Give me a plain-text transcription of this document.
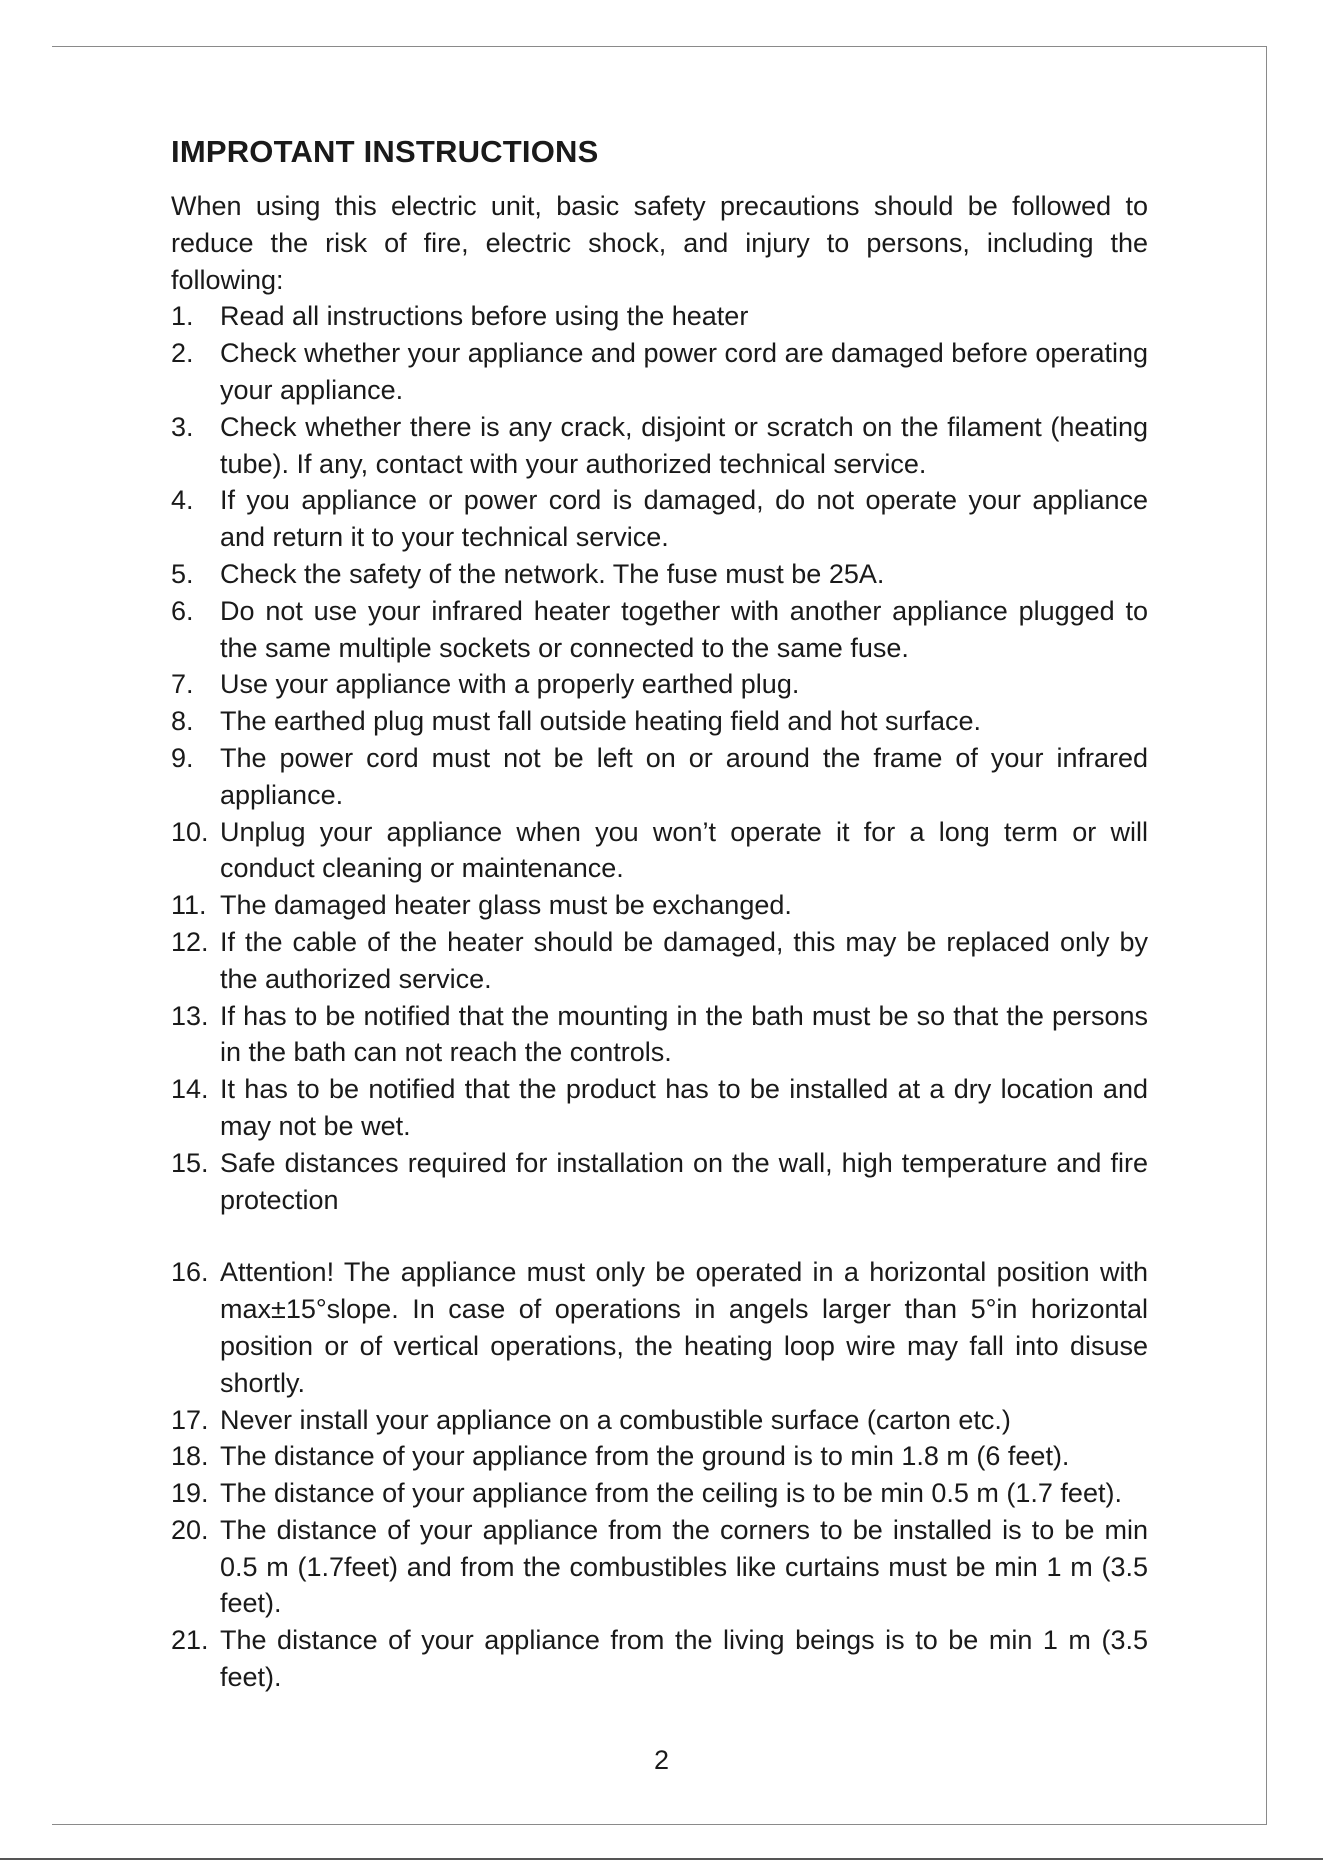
IMPROTANT INSTRUCTIONS

When using this electric unit, basic safety precautions should be followed to reduce the risk of fire, electric shock, and injury to persons, including the following:

1. Read all instructions before using the heater
2. Check whether your appliance and power cord are damaged before operating your appliance.
3. Check whether there is any crack, disjoint or scratch on the filament (heating tube). If any, contact with your authorized technical service.
4. If you appliance or power cord is damaged, do not operate your appliance and return it to your technical service.
5. Check the safety of the network. The fuse must be 25A.
6. Do not use your infrared heater together with another appliance plugged to the same multiple sockets or connected to the same fuse.
7. Use your appliance with a properly earthed plug.
8. The earthed plug must fall outside heating field and hot surface.
9. The power cord must not be left on or around the frame of your infrared appliance.
10. Unplug your appliance when you won’t operate it for a long term or will conduct cleaning or maintenance.
11. The damaged heater glass must be exchanged.
12. If the cable of the heater should be damaged, this may be replaced only by the authorized service.
13. If has to be notified that the mounting in the bath must be so that the persons in the bath can not reach the controls.
14. It has to be notified that the product has to be installed at a dry location and may not be wet.
15. Safe distances required for installation on the wall, high temperature and fire protection
16. Attention! The appliance must only be operated in a horizontal position with max±15°slope. In case of operations in angels larger than 5°in horizontal position or of vertical operations, the heating loop wire may fall into disuse shortly.
17. Never install your appliance on a combustible surface (carton etc.)
18. The distance of your appliance from the ground is to min 1.8 m (6 feet).
19. The distance of your appliance from the ceiling is to be min 0.5 m (1.7 feet).
20. The distance of your appliance from the corners to be installed is to be min 0.5 m (1.7feet) and from the combustibles like curtains must be min 1 m (3.5 feet).
21. The distance of your appliance from the living beings is to be min 1 m (3.5 feet).
2
